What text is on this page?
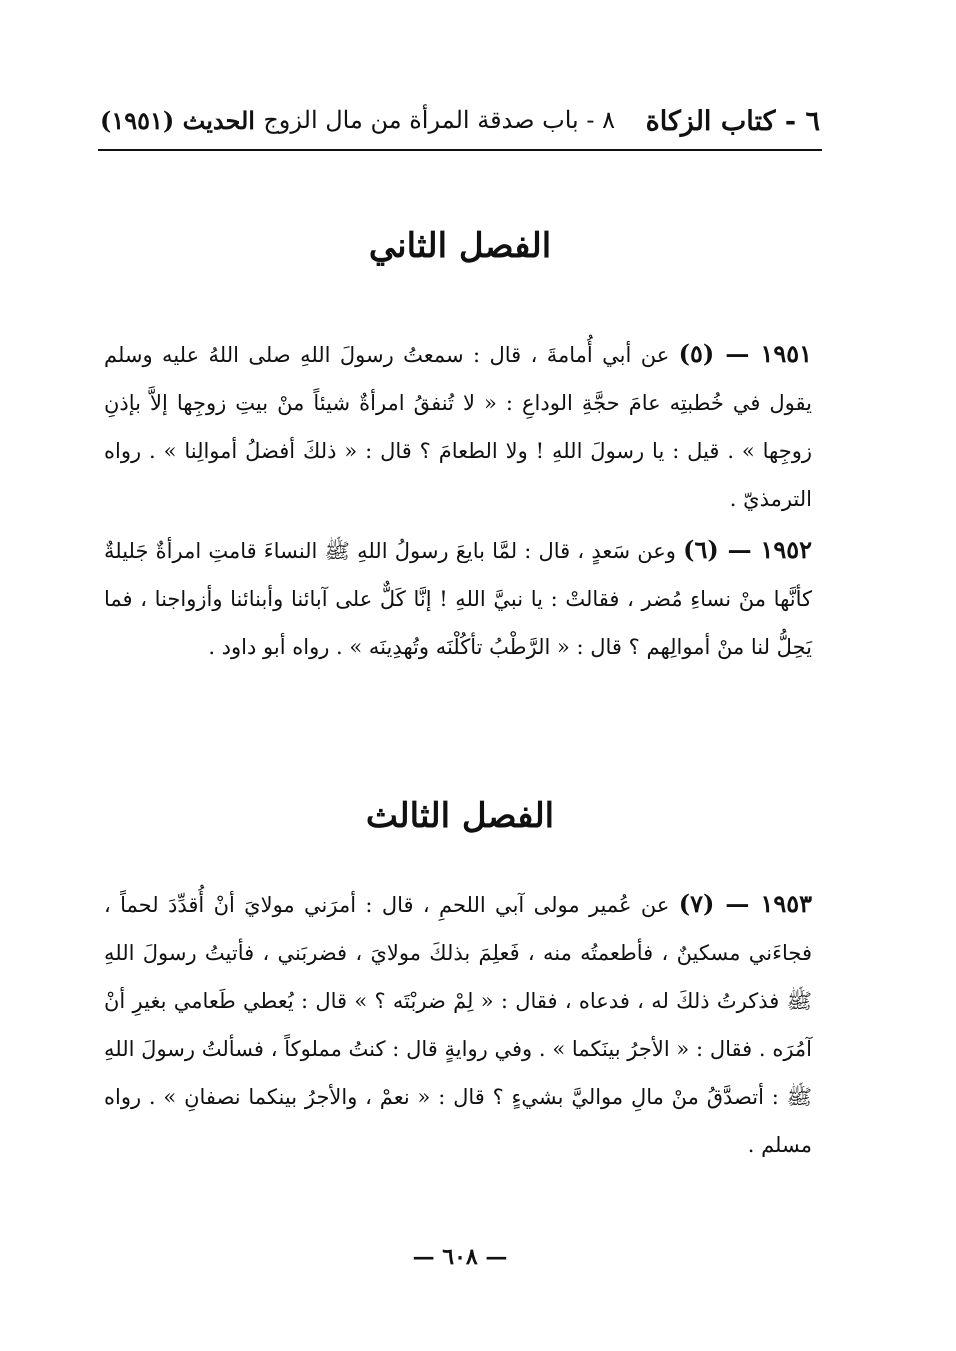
٦ - كتاب الزكاة
٨ - باب صدقة المرأة من مال الزوج
الحديث (١٩٥١)
الفصل الثاني
١٩٥١ — (٥) عن أبي أُمامةَ ، قال : سمعتُ رسولَ اللهِ صلى اللهُ عليه وسلم يقول في خُطبتِه عامَ حجَّةِ الوداعِ : « لا تُنفقُ امرأةٌ شيئاً منْ بيتِ زوجِها إلاَّ بإذنِ زوجِها » . قيل : يا رسولَ اللهِ ! ولا الطعامَ ؟ قال : « ذلكَ أفضلُ أموالِنا » . رواه الترمذيّ .
١٩٥٢ — (٦) وعن سَعدٍ ، قال : لمَّا بايعَ رسولُ اللهِ ﷺ النساءَ قامتِ امرأةٌ جَليلةٌ كأنَّها منْ نساءِ مُضر ، فقالتْ : يا نبيَّ اللهِ ! إنَّا كَلٌّ على آبائنا وأبنائنا وأزواجنا ، فما يَحِلُّ لنا منْ أموالِهم ؟ قال : « الرَّطْبُ تأكُلْنَه وتُهدِينَه » . رواه أبو داود .
الفصل الثالث
١٩٥٣ — (٧) عن عُمير مولى آبي اللحمِ ، قال : أمرَني مولايَ أنْ أُقدِّدَ لحماً ، فجاءَني مسكينٌ ، فأطعمتُه منه ، فَعلِمَ بذلكَ مولايَ ، فضربَني ، فأتيتُ رسولَ اللهِ ﷺ فذكرتُ ذلكَ له ، فدعاه ، فقال : « لِمْ ضربْتَه ؟ » قال : يُعطي طَعامي بغيرِ أنْ آمُرَه . فقال : « الأجرُ بينَكما » . وفي روايةٍ قال : كنتُ مملوكاً ، فسألتُ رسولَ اللهِ ﷺ : أتصدَّقُ منْ مالِ مواليَّ بشيءٍ ؟ قال : « نعمْ ، والأجرُ بينكما نصفانِ » . رواه مسلم .
— ٦٠٨ —
